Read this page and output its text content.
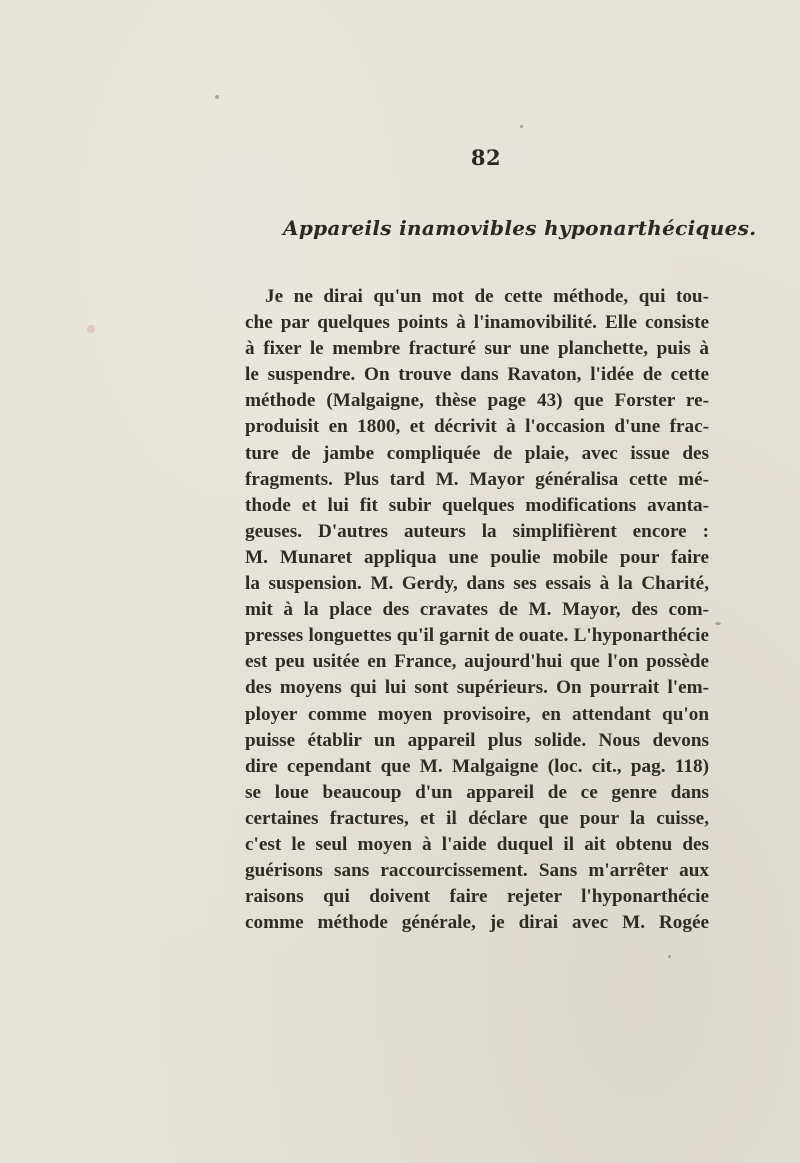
82
Appareils inamovibles hyponarthéciques.
Je ne dirai qu'un mot de cette méthode, qui tou-
che par quelques points à l'inamovibilité. Elle consiste
à fixer le membre fracturé sur une planchette, puis à
le suspendre. On trouve dans Ravaton, l'idée de cette
méthode (Malgaigne, thèse page 43) que Forster re-
produisit en 1800, et décrivit à l'occasion d'une frac-
ture de jambe compliquée de plaie, avec issue des
fragments. Plus tard M. Mayor généralisa cette mé-
thode et lui fit subir quelques modifications avanta-
geuses. D'autres auteurs la simplifièrent encore :
M. Munaret appliqua une poulie mobile pour faire
la suspension. M. Gerdy, dans ses essais à la Charité,
mit à la place des cravates de M. Mayor, des com-
presses longuettes qu'il garnit de ouate. L'hyponarthécie
est peu usitée en France, aujourd'hui que l'on possède
des moyens qui lui sont supérieurs. On pourrait l'em-
ployer comme moyen provisoire, en attendant qu'on
puisse établir un appareil plus solide. Nous devons
dire cependant que M. Malgaigne (loc. cit., pag. 118)
se loue beaucoup d'un appareil de ce genre dans
certaines fractures, et il déclare que pour la cuisse,
c'est le seul moyen à l'aide duquel il ait obtenu des
guérisons sans raccourcissement. Sans m'arrêter aux
raisons qui doivent faire rejeter l'hyponarthécie
comme méthode générale, je dirai avec M. Rogée
